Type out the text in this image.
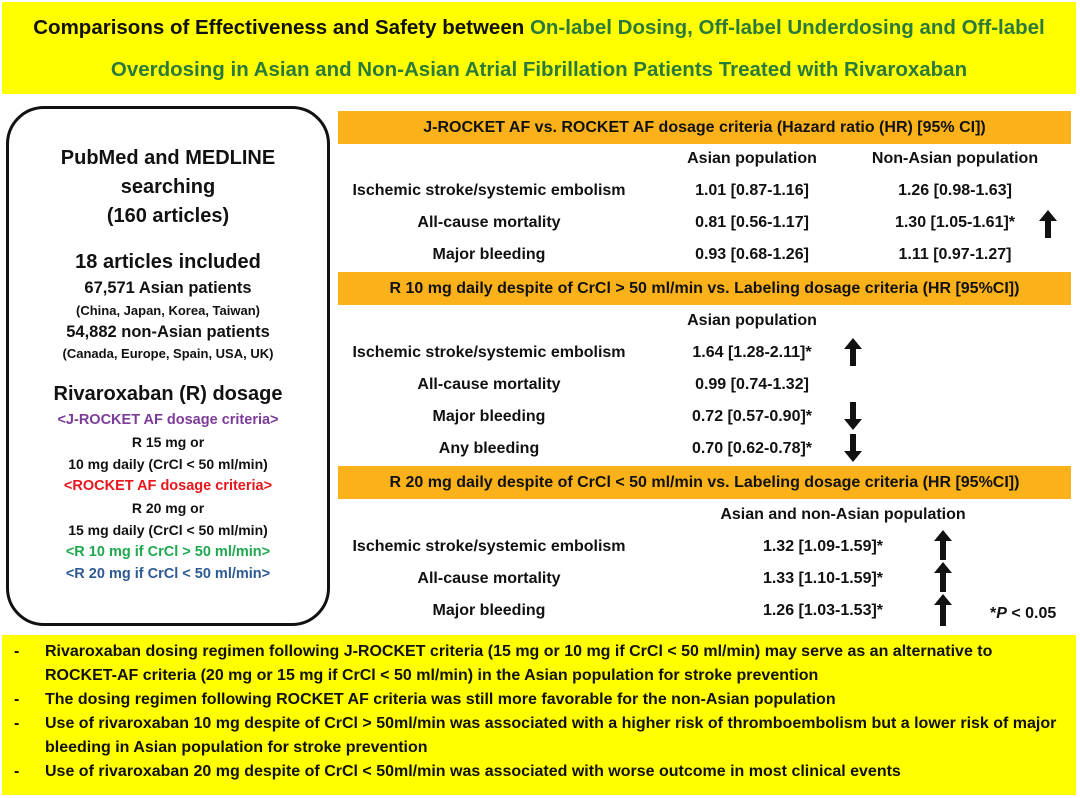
Comparisons of Effectiveness and Safety between On-label Dosing, Off-label Underdosing and Off-label Overdosing in Asian and Non-Asian Atrial Fibrillation Patients Treated with Rivaroxaban
PubMed and MEDLINE
searching
(160 articles)
18 articles included
67,571 Asian patients
(China, Japan, Korea, Taiwan)
54,882 non-Asian patients
(Canada, Europe, Spain, USA, UK)
Rivaroxaban (R) dosage
<J-ROCKET AF dosage criteria>
R 15 mg or
10 mg daily (CrCl < 50 ml/min)
<ROCKET AF dosage criteria>
R 20 mg or
15 mg daily (CrCl < 50 ml/min)
<R 10 mg if CrCl > 50 ml/min>
<R 20 mg if CrCl < 50 ml/min>
J-ROCKET AF vs. ROCKET AF dosage criteria (Hazard ratio (HR) [95% CI])
Asian population	Non-Asian population
Ischemic stroke/systemic embolism	1.01 [0.87-1.16]	1.26 [0.98-1.63]
All-cause mortality	0.81 [0.56-1.17]	1.30 [1.05-1.61]*
Major bleeding	0.93 [0.68-1.26]	1.11 [0.97-1.27]
R 10 mg daily despite of CrCl > 50 ml/min vs. Labeling dosage criteria (HR [95%CI])
Asian population
Ischemic stroke/systemic embolism	1.64 [1.28-2.11]*
All-cause mortality	0.99 [0.74-1.32]
Major bleeding	0.72 [0.57-0.90]*
Any bleeding	0.70 [0.62-0.78]*
R 20 mg daily despite of CrCl < 50 ml/min vs. Labeling dosage criteria (HR [95%CI])
Asian and non-Asian population
Ischemic stroke/systemic embolism	1.32 [1.09-1.59]*
All-cause mortality	1.33 [1.10-1.59]*
Major bleeding	1.26 [1.03-1.53]*	*P < 0.05
-	Rivaroxaban dosing regimen following J-ROCKET criteria (15 mg or 10 mg if CrCl < 50 ml/min) may serve as an alternative to ROCKET-AF criteria (20 mg or 15 mg if CrCl < 50 ml/min) in the Asian population for stroke prevention
-	The dosing regimen following ROCKET AF criteria was still more favorable for the non-Asian population
-	Use of rivaroxaban 10 mg despite of CrCl > 50ml/min was associated with a higher risk of thromboembolism but a lower risk of major bleeding in Asian population for stroke prevention
-	Use of rivaroxaban 20 mg despite of CrCl < 50ml/min was associated with worse outcome in most clinical events
